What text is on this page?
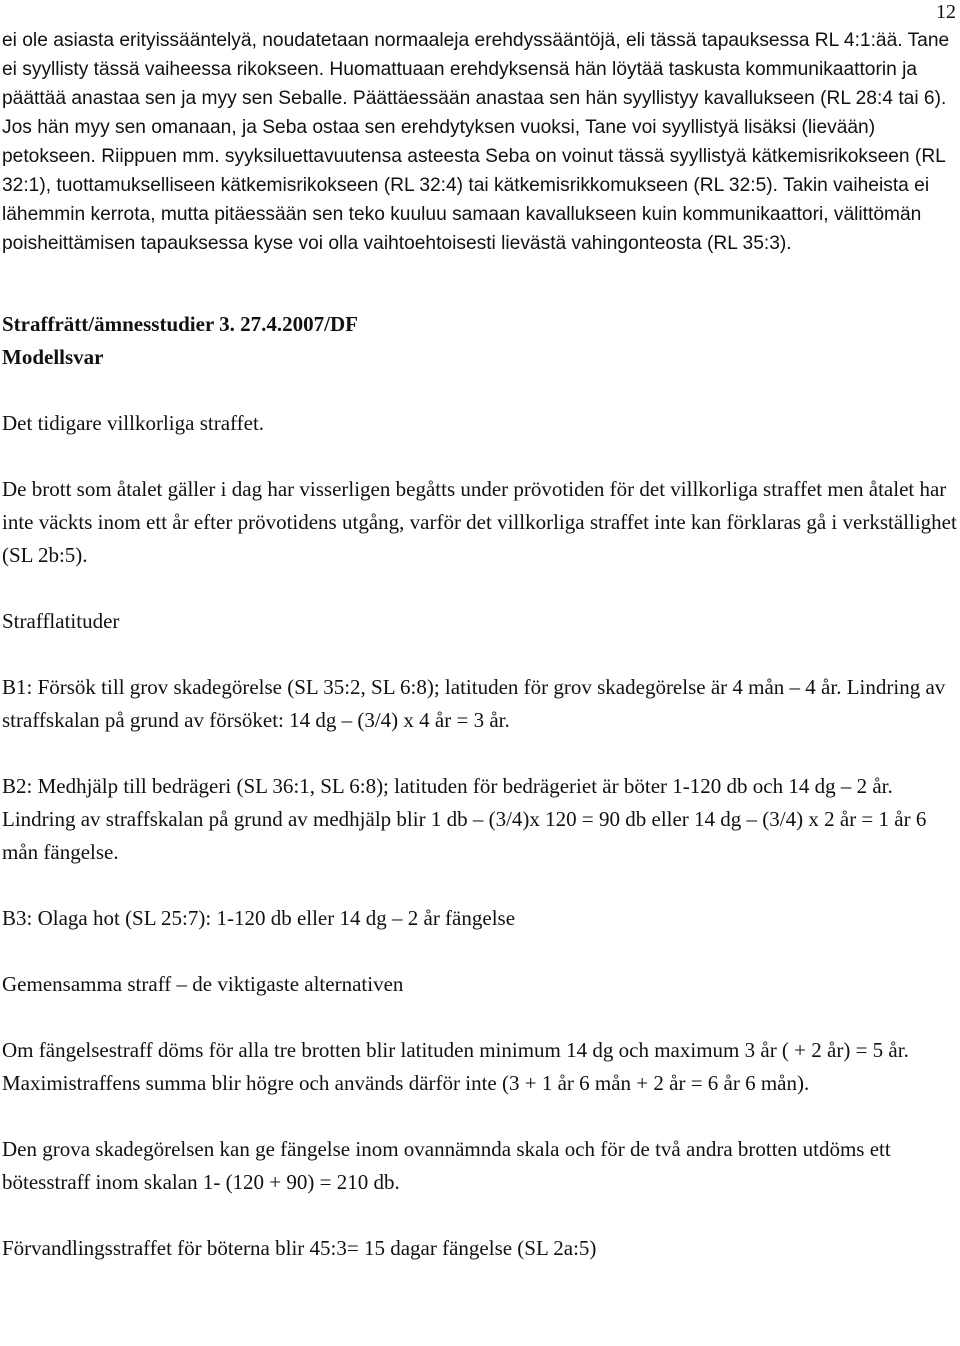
12

ei ole asiasta erityissääntelyä, noudatetaan normaaleja erehdyssääntöjä, eli tässä tapauksessa RL 4:1:ää. Tane ei syyllisty tässä vaiheessa rikokseen. Huomattuaan erehdyksensä hän löytää taskusta kommunikaattorin ja päättää anastaa sen ja myy sen Seballe. Päättäessään anastaa sen hän syyllistyy kavallukseen (RL 28:4 tai 6). Jos hän myy sen omanaan, ja Seba ostaa sen erehdytyksen vuoksi, Tane voi syyllistyä lisäksi (lievään) petokseen. Riippuen mm. syyksiluettavuutensa asteesta Seba on voinut tässä syyllistyä kätkemisrikokseen (RL 32:1), tuottamukselliseen kätkemisrikokseen (RL 32:4) tai kätkemisrikkomukseen (RL 32:5). Takin vaiheista ei lähemmin kerrota, mutta pitäessään sen teko kuuluu samaan kavallukseen kuin kommunikaattori, välittömän poisheittämisen tapauksessa kyse voi olla vaihtoehtoisesti lievästä vahingonteosta (RL 35:3).

Straffrätt/ämnesstudier 3. 27.4.2007/DF

Modellsvar

Det tidigare villkorliga straffet.

De brott som åtalet gäller i dag har visserligen begåtts under prövotiden för det villkorliga straffet men åtalet har inte väckts inom ett år efter prövotidens utgång, varför det villkorliga straffet inte kan förklaras gå i verkställighet (SL 2b:5).

Strafflatituder

B1: Försök till grov skadegörelse (SL 35:2, SL 6:8); latituden för grov skadegörelse är 4 mån – 4 år. Lindring av straffskalan på grund av försöket: 14 dg – (3/4) x 4 år = 3 år.

B2: Medhjälp till bedrägeri (SL 36:1, SL 6:8); latituden för bedrägeriet är böter 1-120 db och 14 dg – 2 år. Lindring av straffskalan på grund av medhjälp blir 1 db – (3/4)x 120 = 90 db eller 14 dg – (3/4) x 2 år = 1 år 6 mån fängelse.

B3: Olaga hot (SL 25:7): 1-120 db eller 14 dg – 2 år fängelse

Gemensamma straff – de viktigaste alternativen

Om fängelsestraff döms för alla tre brotten blir latituden minimum 14 dg och maximum 3 år ( + 2 år) = 5 år. Maximistraffens summa blir högre och används därför inte (3 + 1 år 6 mån + 2 år = 6 år 6 mån).

Den grova skadegörelsen kan ge fängelse inom ovannämnda skala och för de två andra brotten utdöms ett bötesstraff inom skalan 1- (120 + 90) = 210 db.

Förvandlingsstraffet för böterna blir 45:3= 15 dagar fängelse (SL 2a:5)
